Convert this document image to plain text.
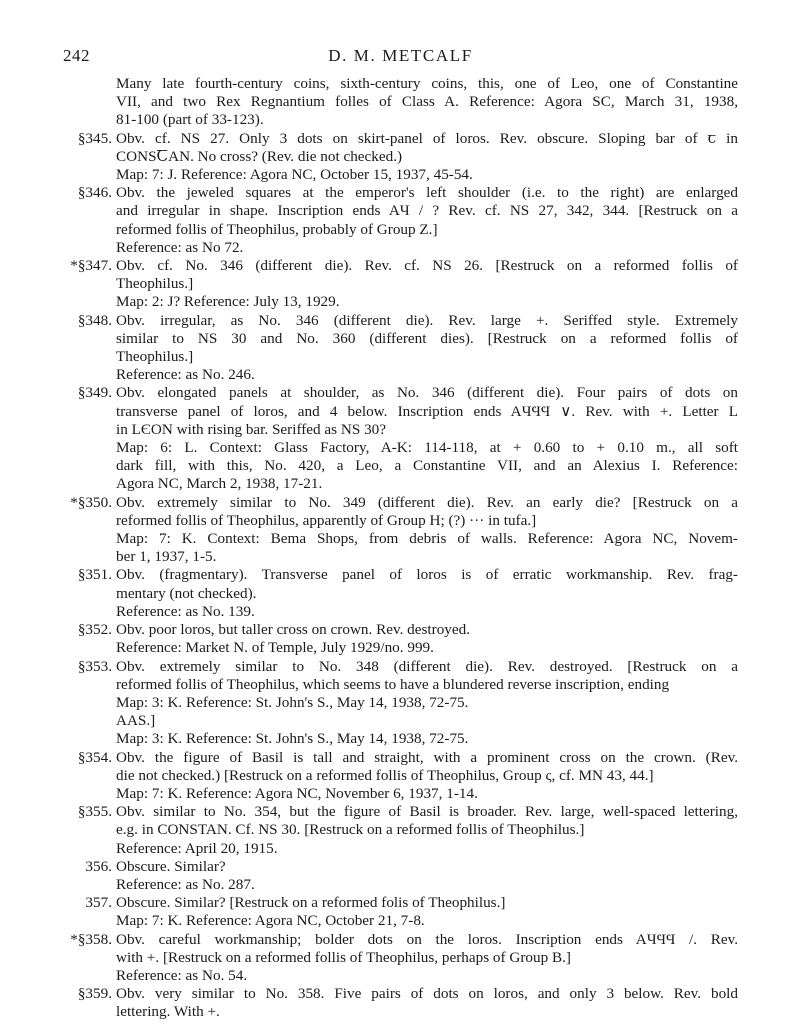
242	D. M. METCALF

Many late fourth-century coins, sixth-century coins, this, one of Leo, one of Constantine

VII, and two Rex Regnantium folles of Class A. Reference: Agora SC, March 31, 1938,

81-100 (part of 33-123).

§345. Obv. cf. NS 27. Only 3 dots on skirt-panel of loros. Rev. obscure. Sloping bar of ꞇ in

CONSꞆAN. No cross? (Rev. die not checked.)

Map: 7: J. Reference: Agora NC, October 15, 1937, 45-54.

§346. Obv. the jeweled squares at the emperor's left shoulder (i.e. to the right) are enlarged

and irregular in shape. Inscription ends AЧ / ? Rev. cf. NS 27, 342, 344. [Restruck on a

reformed follis of Theophilus, probably of Group Z.]

Reference: as No 72.

*§347. Obv. cf. No. 346 (different die). Rev. cf. NS 26. [Restruck on a reformed follis of

Theophilus.]

Map: 2: J? Reference: July 13, 1929.

§348. Obv. irregular, as No. 346 (different die). Rev. large +. Seriffed style. Extremely

similar to NS 30 and No. 360 (different dies). [Restruck on a reformed follis of

Theophilus.]

Reference: as No. 246.

§349. Obv. elongated panels at shoulder, as No. 346 (different die). Four pairs of dots on

transverse panel of loros, and 4 below. Inscription ends AЧϤϤ ∨. Rev. with +. Letter L

in LЄON with rising bar. Seriffed as NS 30?

Map: 6: L. Context: Glass Factory, A-K: 114-118, at + 0.60 to + 0.10 m., all soft

dark fill, with this, No. 420, a Leo, a Constantine VII, and an Alexius I. Reference:

Agora NC, March 2, 1938, 17-21.

*§350. Obv. extremely similar to No. 349 (different die). Rev. an early die? [Restruck on a

reformed follis of Theophilus, apparently of Group H; (?) ··· in tufa.]

Map: 7: K. Context: Bema Shops, from debris of walls. Reference: Agora NC, Novem-

ber 1, 1937, 1-5.

§351. Obv. (fragmentary). Transverse panel of loros is of erratic workmanship. Rev. frag-

mentary (not checked).

Reference: as No. 139.

§352. Obv. poor loros, but taller cross on crown. Rev. destroyed.

Reference: Market N. of Temple, July 1929/no. 999.

§353. Obv. extremely similar to No. 348 (different die). Rev. destroyed. [Restruck on a

reformed follis of Theophilus, which seems to have a blundered reverse inscription, ending

Map: 3: K. Reference: St. John's S., May 14, 1938, 72-75.

AAS.]

Map: 3: K. Reference: St. John's S., May 14, 1938, 72-75.

§354. Obv. the figure of Basil is tall and straight, with a prominent cross on the crown. (Rev.

die not checked.) [Restruck on a reformed follis of Theophilus, Group ς, cf. MN 43, 44.]

Map: 7: K. Reference: Agora NC, November 6, 1937, 1-14.

§355. Obv. similar to No. 354, but the figure of Basil is broader. Rev. large, well-spaced lettering,

e.g. in CONSTAN. Cf. NS 30. [Restruck on a reformed follis of Theophilus.]

Reference: April 20, 1915.

356. Obscure. Similar?

Reference: as No. 287.

357. Obscure. Similar? [Restruck on a reformed folis of Theophilus.]

Map: 7: K. Reference: Agora NC, October 21, 7-8.

*§358. Obv. careful workmanship; bolder dots on the loros. Inscription ends AЧϤϤ /. Rev.

with +. [Restruck on a reformed follis of Theophilus, perhaps of Group B.]

Reference: as No. 54.

§359. Obv. very similar to No. 358. Five pairs of dots on loros, and only 3 below. Rev. bold

lettering. With +.
